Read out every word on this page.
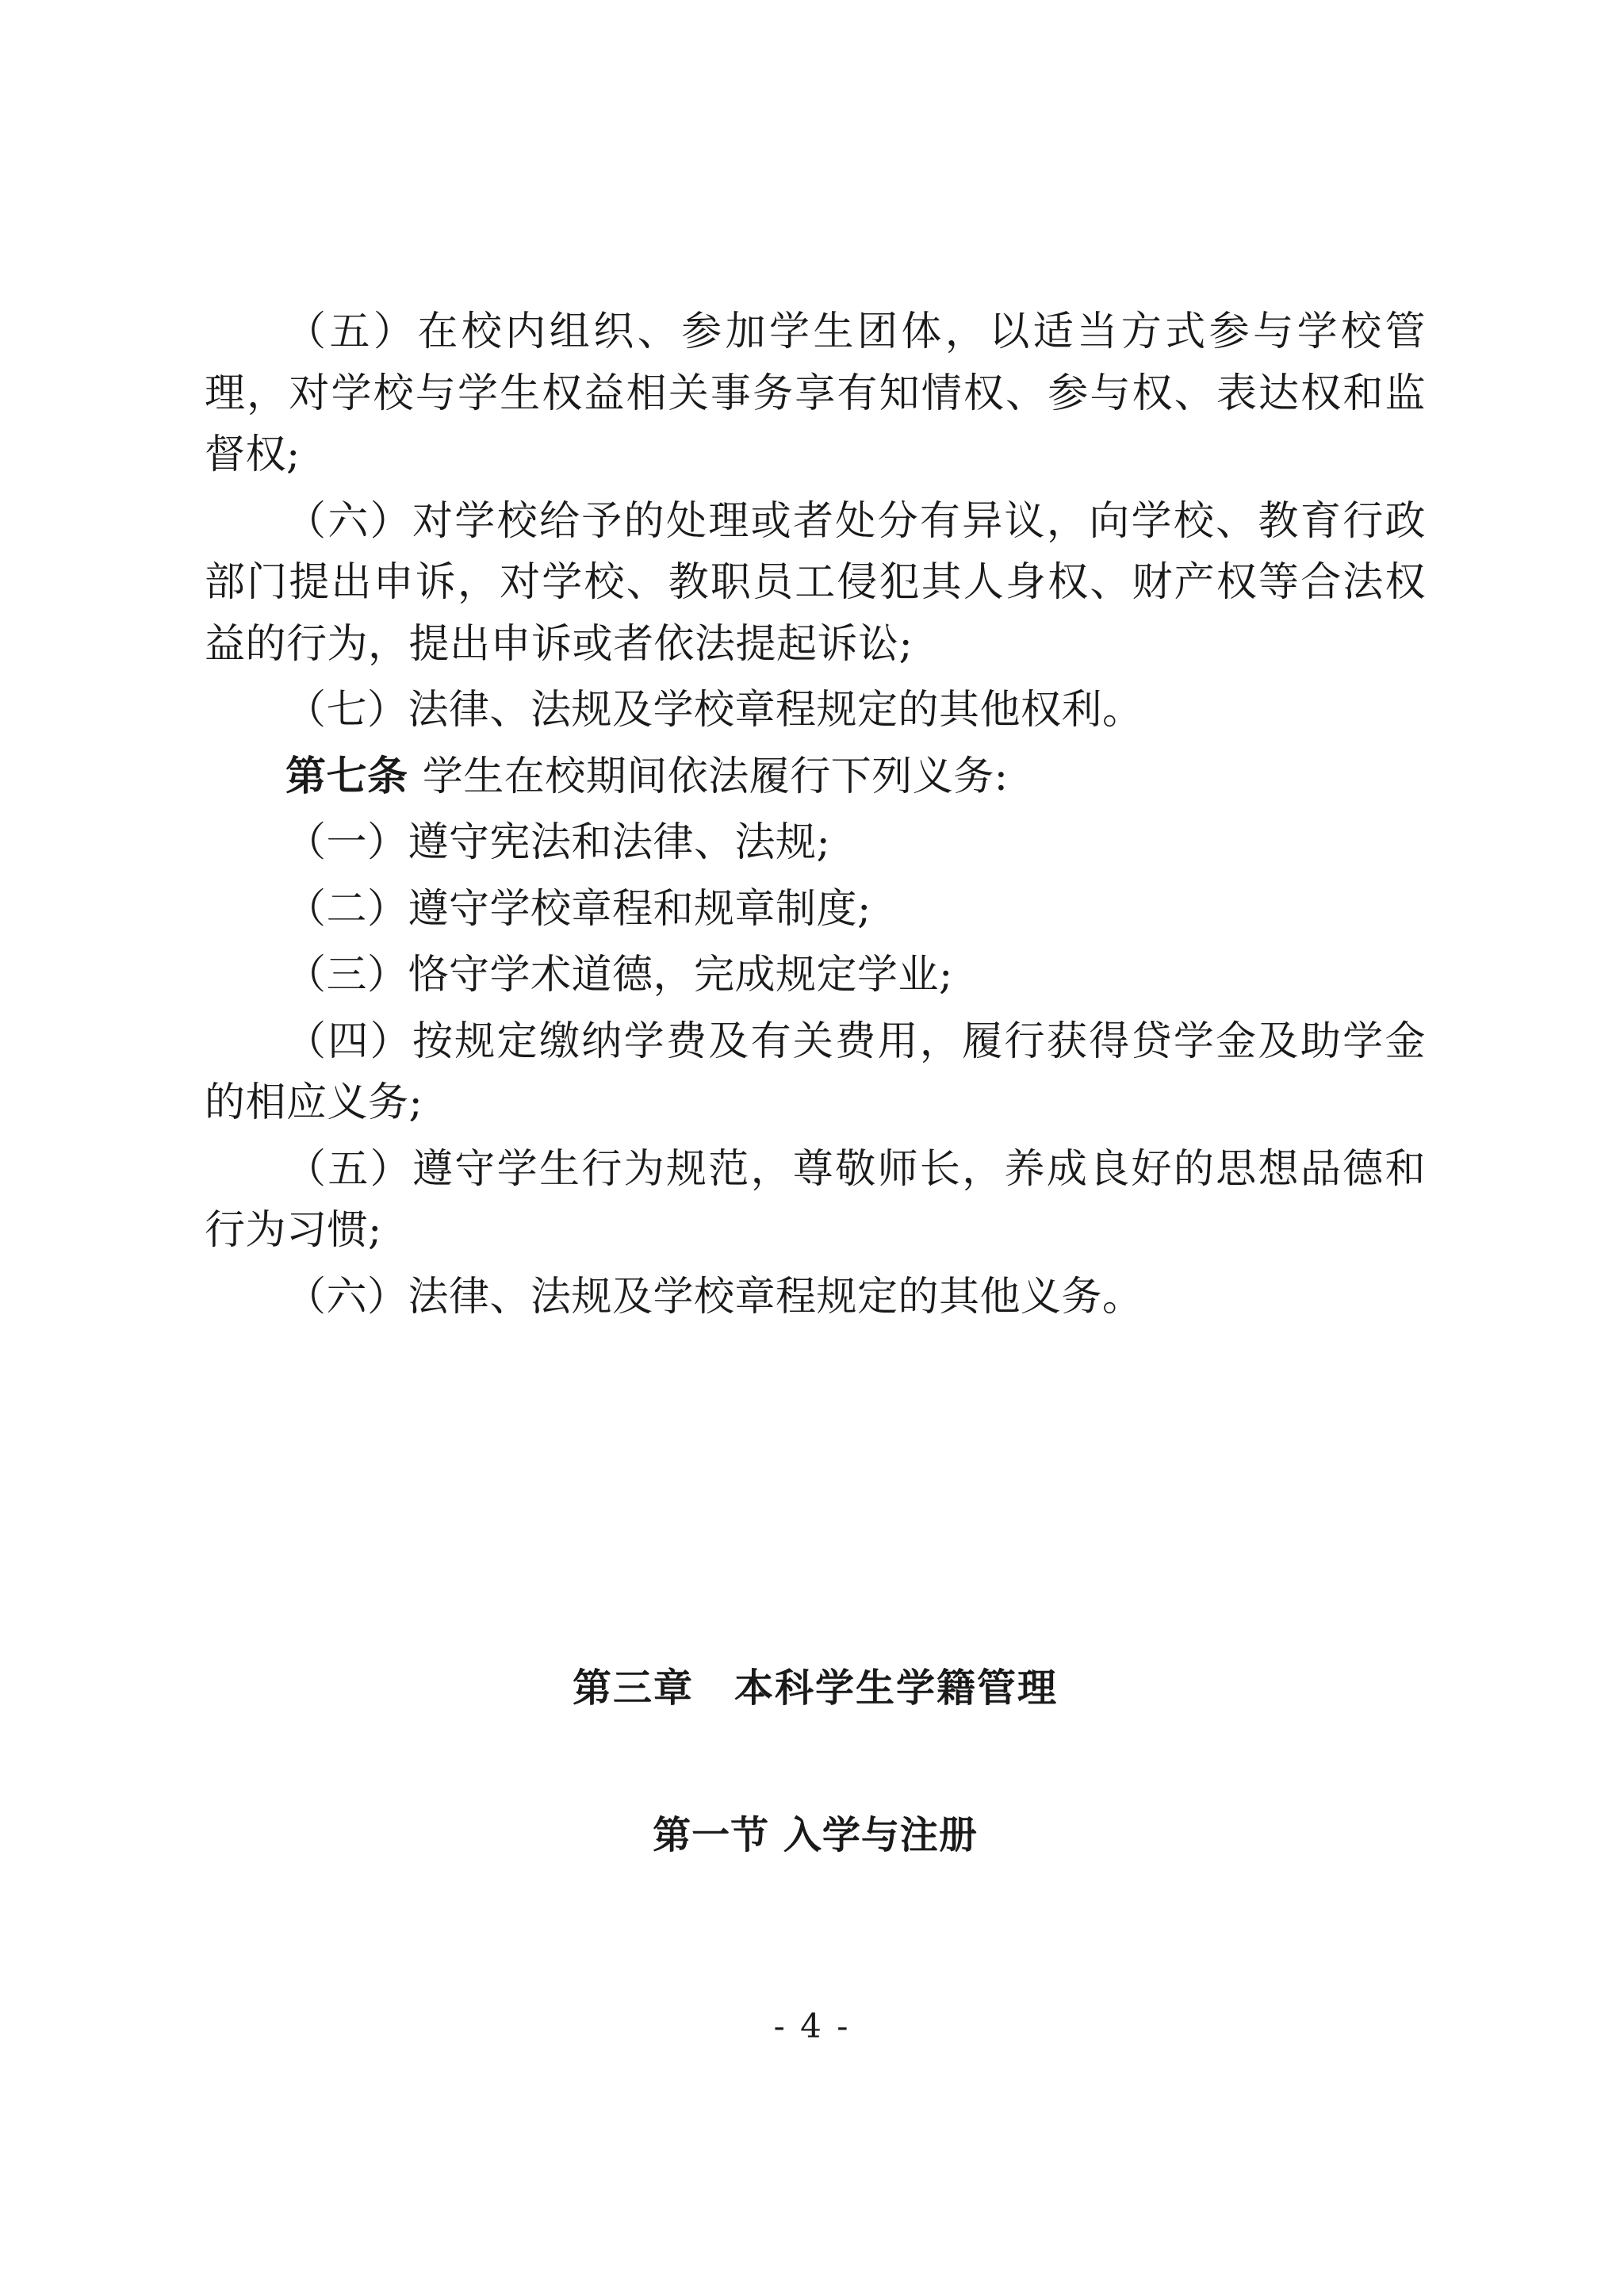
（五）在校内组织、参加学生团体，以适当方式参与学校管理，对学校与学生权益相关事务享有知情权、参与权、表达权和监督权;

（六）对学校给予的处理或者处分有异议，向学校、教育行政部门提出申诉，对学校、教职员工侵犯其人身权、财产权等合法权益的行为，提出申诉或者依法提起诉讼;

（七）法律、法规及学校章程规定的其他权利。

第七条 学生在校期间依法履行下列义务:

（一）遵守宪法和法律、法规;

（二）遵守学校章程和规章制度;

（三）恪守学术道德，完成规定学业;

（四）按规定缴纳学费及有关费用，履行获得贷学金及助学金的相应义务;

（五）遵守学生行为规范，尊敬师长，养成良好的思想品德和行为习惯;

（六）法律、法规及学校章程规定的其他义务。

第三章　本科学生学籍管理
第一节 入学与注册
- 4 -
